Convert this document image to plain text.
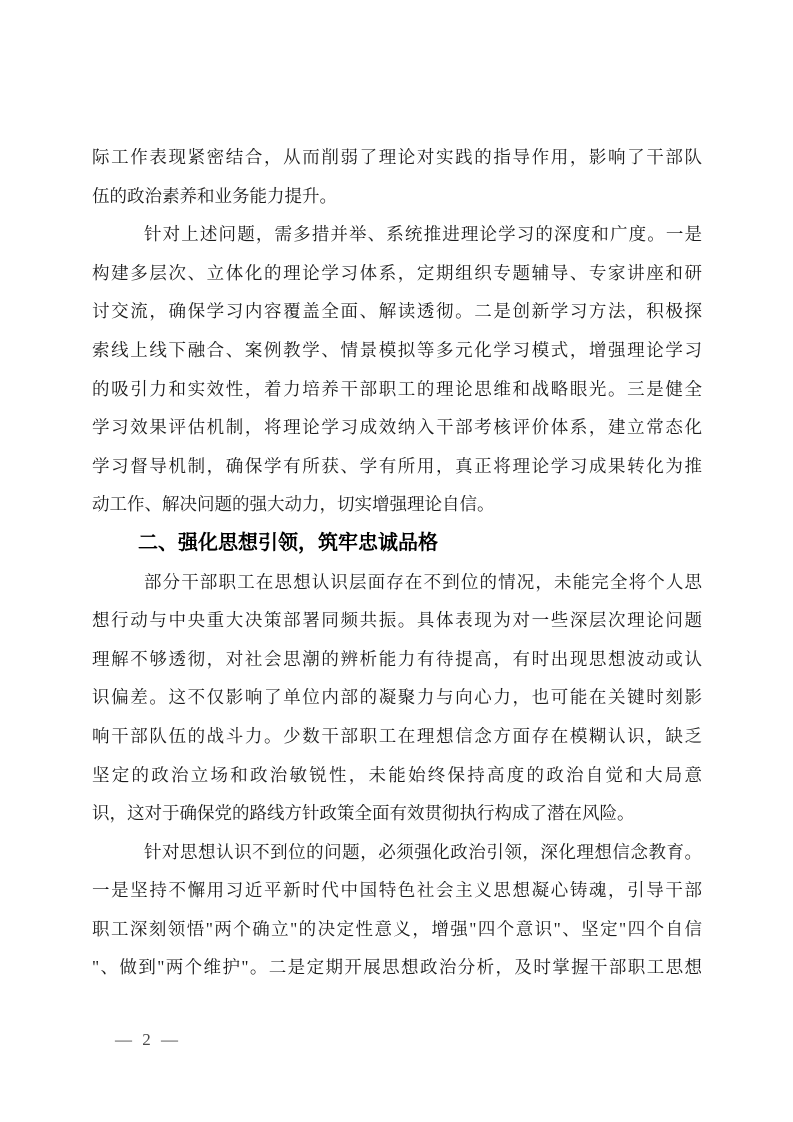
际工作表现紧密结合，从而削弱了理论对实践的指导作用，影响了干部队
伍的政治素养和业务能力提升。
针对上述问题，需多措并举、系统推进理论学习的深度和广度。一是
构建多层次、立体化的理论学习体系，定期组织专题辅导、专家讲座和研
讨交流，确保学习内容覆盖全面、解读透彻。二是创新学习方法，积极探
索线上线下融合、案例教学、情景模拟等多元化学习模式，增强理论学习
的吸引力和实效性，着力培养干部职工的理论思维和战略眼光。三是健全
学习效果评估机制，将理论学习成效纳入干部考核评价体系，建立常态化
学习督导机制，确保学有所获、学有所用，真正将理论学习成果转化为推
动工作、解决问题的强大动力，切实增强理论自信。
二、强化思想引领，筑牢忠诚品格
部分干部职工在思想认识层面存在不到位的情况，未能完全将个人思
想行动与中央重大决策部署同频共振。具体表现为对一些深层次理论问题
理解不够透彻，对社会思潮的辨析能力有待提高，有时出现思想波动或认
识偏差。这不仅影响了单位内部的凝聚力与向心力，也可能在关键时刻影
响干部队伍的战斗力。少数干部职工在理想信念方面存在模糊认识，缺乏
坚定的政治立场和政治敏锐性，未能始终保持高度的政治自觉和大局意
识，这对于确保党的路线方针政策全面有效贯彻执行构成了潜在风险。
针对思想认识不到位的问题，必须强化政治引领，深化理想信念教育。
一是坚持不懈用习近平新时代中国特色社会主义思想凝心铸魂，引导干部
职工深刻领悟"两个确立"的决定性意义，增强"四个意识"、坚定"四个自信
"、做到"两个维护"。二是定期开展思想政治分析，及时掌握干部职工思想
— 2 —
